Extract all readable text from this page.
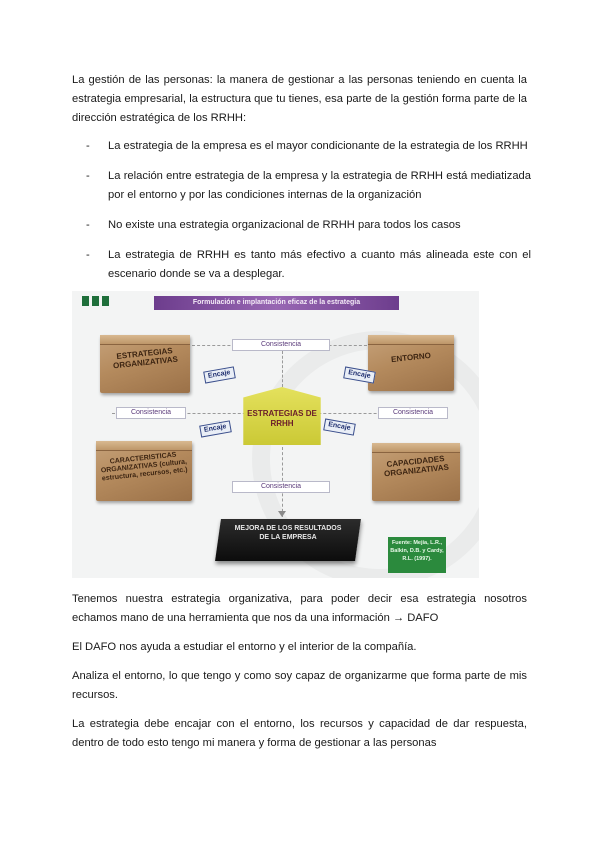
La gestión de las personas: la manera de gestionar a las personas teniendo en cuenta la estrategia empresarial, la estructura que tu tienes, esa parte de la gestión forma parte de la dirección estratégica de los RRHH:

- La estrategia de la empresa es el mayor condicionante de la estrategia de los RRHH
- La relación entre estrategia de la empresa y la estrategia de RRHH está mediatizada por el entorno y por las condiciones internas de la organización
- No existe una estrategia organizacional de RRHH para todos los casos
- La estrategia de RRHH es tanto más efectivo a cuanto más alineada este con el escenario donde se va a desplegar.
Formulación e implantación eficaz de la estrategia
ESTRATEGIAS ORGANIZATIVAS	ENTORNO
CARACTERISTICAS ORGANIZATIVAS (cultura, estructura, recursos, etc.)
CAPACIDADES ORGANIZATIVAS
ESTRATEGIAS DE RRHH
Consistencia
Consistencia	Consistencia
Consistencia
Encaje	Encaje
Encaje	Encaje
MEJORA DE LOS RESULTADOS DE LA EMPRESA
Fuente: Mejía, L.R., Balkin, D.B. y Cardy, R.L. (1997).

Tenemos nuestra estrategia organizativa, para poder decir esa estrategia nosotros echamos mano de una herramienta que nos da una información → DAFO

El DAFO nos ayuda a estudiar el entorno y el interior de la compañía.

Analiza el entorno, lo que tengo y como soy capaz de organizarme que forma parte de mis recursos.

La estrategia debe encajar con el entorno, los recursos y capacidad de dar respuesta, dentro de todo esto tengo mi manera y forma de gestionar a las personas
